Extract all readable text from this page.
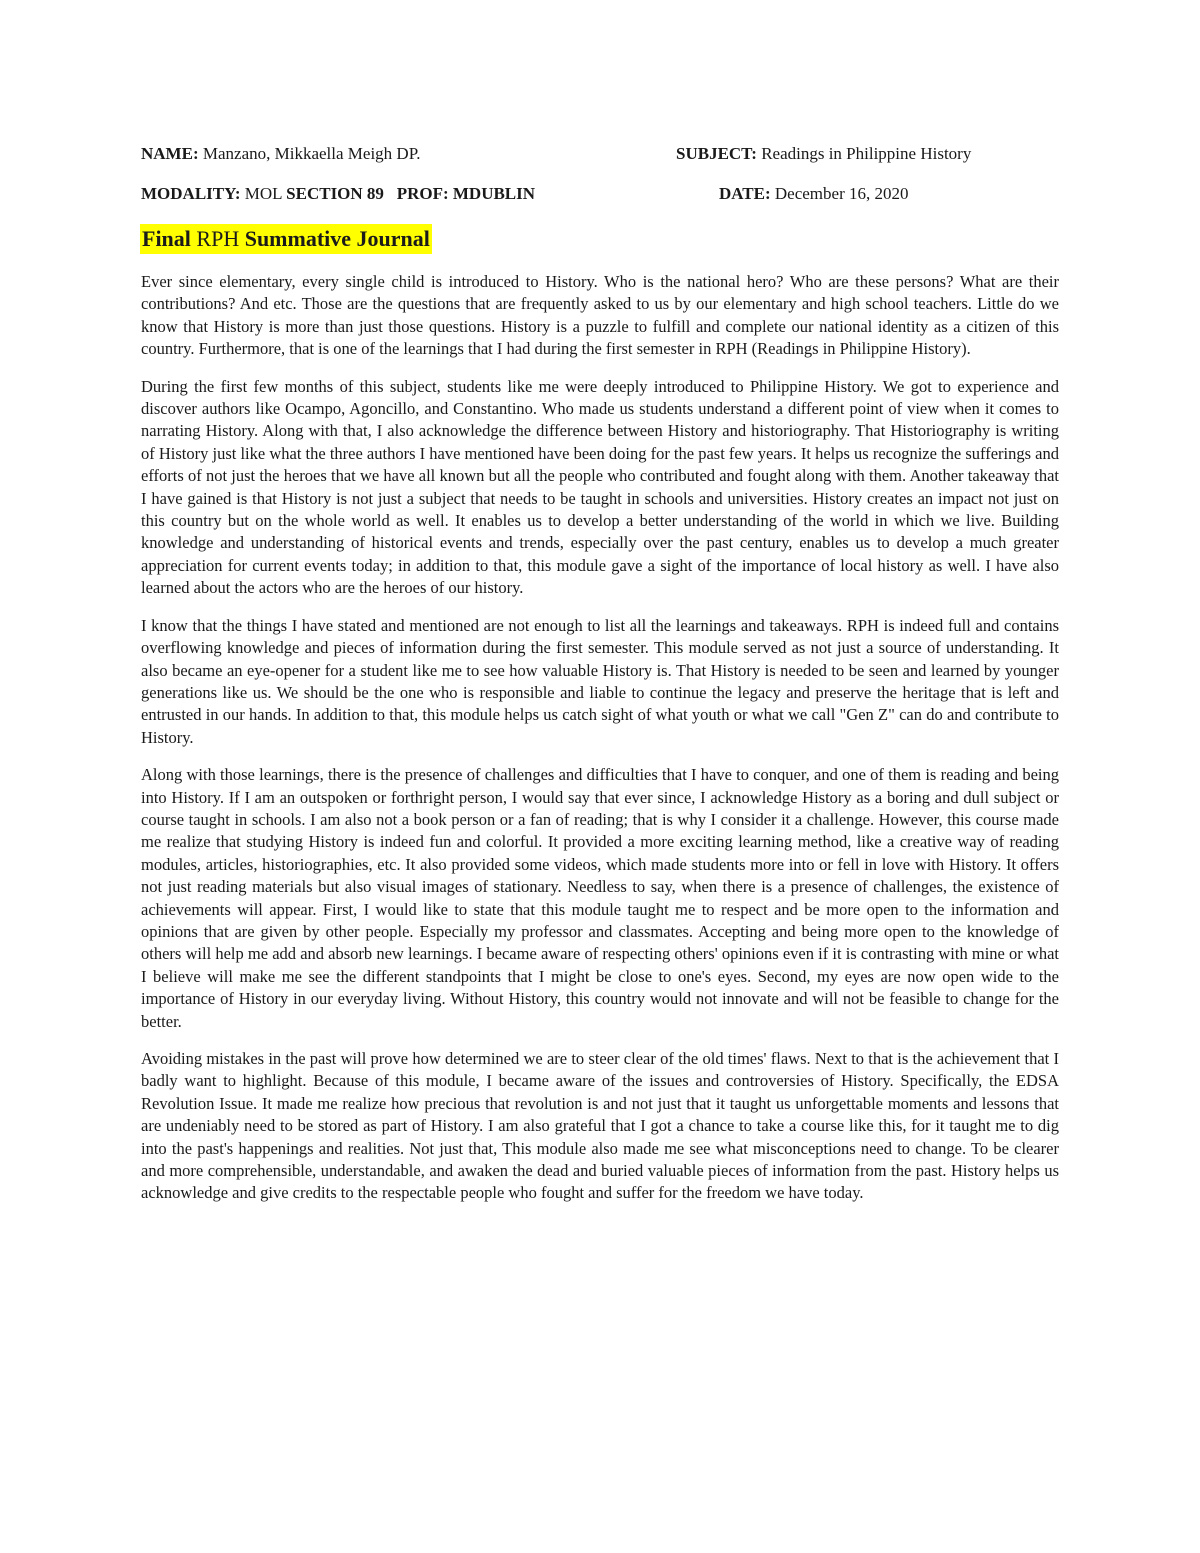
NAME: Manzano, Mikkaella Meigh DP.	SUBJECT: Readings in Philippine History
MODALITY: MOL SECTION 89 PROF: MDUBLIN	DATE: December 16, 2020
Final RPH Summative Journal

Ever since elementary, every single child is introduced to History. Who is the national hero? Who are these persons? What are their contributions? And etc. Those are the questions that are frequently asked to us by our elementary and high school teachers. Little do we know that History is more than just those questions. History is a puzzle to fulfill and complete our national identity as a citizen of this country. Furthermore, that is one of the learnings that I had during the first semester in RPH (Readings in Philippine History).

During the first few months of this subject, students like me were deeply introduced to Philippine History. We got to experience and discover authors like Ocampo, Agoncillo, and Constantino. Who made us students understand a different point of view when it comes to narrating History. Along with that, I also acknowledge the difference between History and historiography. That Historiography is writing of History just like what the three authors I have mentioned have been doing for the past few years. It helps us recognize the sufferings and efforts of not just the heroes that we have all known but all the people who contributed and fought along with them. Another takeaway that I have gained is that History is not just a subject that needs to be taught in schools and universities. History creates an impact not just on this country but on the whole world as well. It enables us to develop a better understanding of the world in which we live. Building knowledge and understanding of historical events and trends, especially over the past century, enables us to develop a much greater appreciation for current events today; in addition to that, this module gave a sight of the importance of local history as well. I have also learned about the actors who are the heroes of our history.

I know that the things I have stated and mentioned are not enough to list all the learnings and takeaways. RPH is indeed full and contains overflowing knowledge and pieces of information during the first semester. This module served as not just a source of understanding. It also became an eye-opener for a student like me to see how valuable History is. That History is needed to be seen and learned by younger generations like us. We should be the one who is responsible and liable to continue the legacy and preserve the heritage that is left and entrusted in our hands. In addition to that, this module helps us catch sight of what youth or what we call "Gen Z" can do and contribute to History.

Along with those learnings, there is the presence of challenges and difficulties that I have to conquer, and one of them is reading and being into History. If I am an outspoken or forthright person, I would say that ever since, I acknowledge History as a boring and dull subject or course taught in schools. I am also not a book person or a fan of reading; that is why I consider it a challenge. However, this course made me realize that studying History is indeed fun and colorful. It provided a more exciting learning method, like a creative way of reading modules, articles, historiographies, etc. It also provided some videos, which made students more into or fell in love with History. It offers not just reading materials but also visual images of stationary. Needless to say, when there is a presence of challenges, the existence of achievements will appear. First, I would like to state that this module taught me to respect and be more open to the information and opinions that are given by other people. Especially my professor and classmates. Accepting and being more open to the knowledge of others will help me add and absorb new learnings. I became aware of respecting others' opinions even if it is contrasting with mine or what I believe will make me see the different standpoints that I might be close to one's eyes. Second, my eyes are now open wide to the importance of History in our everyday living. Without History, this country would not innovate and will not be feasible to change for the better.

Avoiding mistakes in the past will prove how determined we are to steer clear of the old times' flaws. Next to that is the achievement that I badly want to highlight. Because of this module, I became aware of the issues and controversies of History. Specifically, the EDSA Revolution Issue. It made me realize how precious that revolution is and not just that it taught us unforgettable moments and lessons that are undeniably need to be stored as part of History. I am also grateful that I got a chance to take a course like this, for it taught me to dig into the past's happenings and realities. Not just that, This module also made me see what misconceptions need to change. To be clearer and more comprehensible, understandable, and awaken the dead and buried valuable pieces of information from the past. History helps us acknowledge and give credits to the respectable people who fought and suffer for the freedom we have today.
